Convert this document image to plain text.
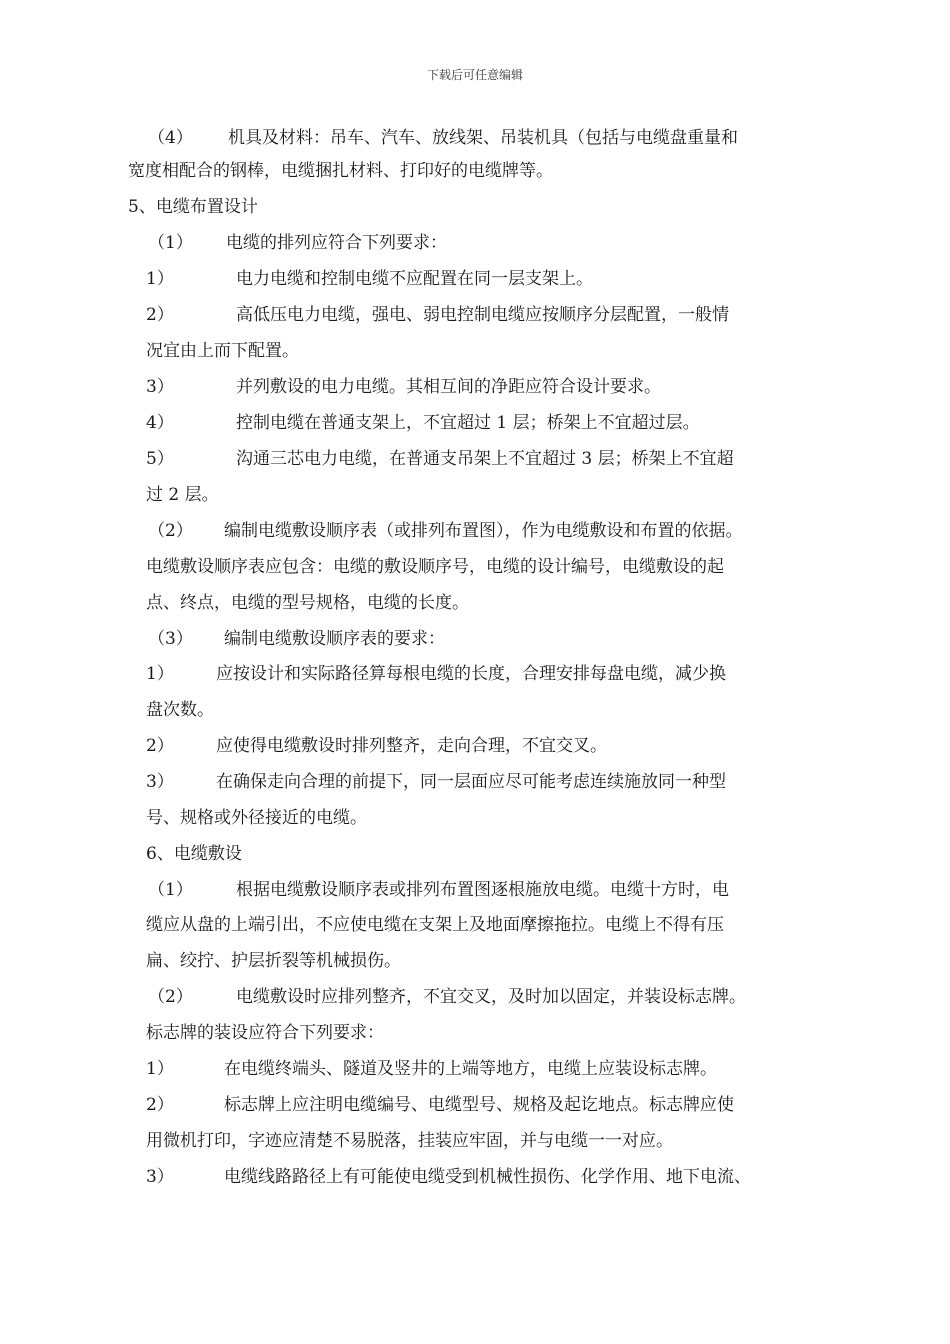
下载后可任意编辑
（4） 机具及材料：吊车、汽车、放线架、吊装机具（包括与电缆盘重量和
宽度相配合的钢棒，电缆捆扎材料、打印好的电缆牌等。
5、电缆布置设计
（1） 电缆的排列应符合下列要求：
1）	电力电缆和控制电缆不应配置在同一层支架上。
2）	高低压电力电缆，强电、弱电控制电缆应按顺序分层配置，一般情
况宜由上而下配置。
3）	并列敷设的电力电缆。其相互间的净距应符合设计要求。
4）	控制电缆在普通支架上，不宜超过 1 层；桥架上不宜超过层。
5）	沟通三芯电力电缆，在普通支吊架上不宜超过 3 层；桥架上不宜超
过 2 层。
（2） 编制电缆敷设顺序表（或排列布置图），作为电缆敷设和布置的依据。
电缆敷设顺序表应包含：电缆的敷设顺序号，电缆的设计编号，电缆敷设的起
点、终点，电缆的型号规格，电缆的长度。
（3） 编制电缆敷设顺序表的要求：
1） 应按设计和实际路径算每根电缆的长度，合理安排每盘电缆，减少换
盘次数。
2） 应使得电缆敷设时排列整齐，走向合理，不宜交叉。
3） 在确保走向合理的前提下，同一层面应尽可能考虑连续施放同一种型
号、规格或外径接近的电缆。
6、电缆敷设
（1）	根据电缆敷设顺序表或排列布置图逐根施放电缆。电缆十方时，电
缆应从盘的上端引出，不应使电缆在支架上及地面摩擦拖拉。电缆上不得有压
扁、绞拧、护层折裂等机械损伤。
（2）	电缆敷设时应排列整齐，不宜交叉，及时加以固定，并装设标志牌。
标志牌的装设应符合下列要求：
1）	在电缆终端头、隧道及竖井的上端等地方，电缆上应装设标志牌。
2）	标志牌上应注明电缆编号、电缆型号、规格及起讫地点。标志牌应使
用微机打印，字迹应清楚不易脱落，挂装应牢固，并与电缆一一对应。
3）	电缆线路路径上有可能使电缆受到机械性损伤、化学作用、地下电流、
